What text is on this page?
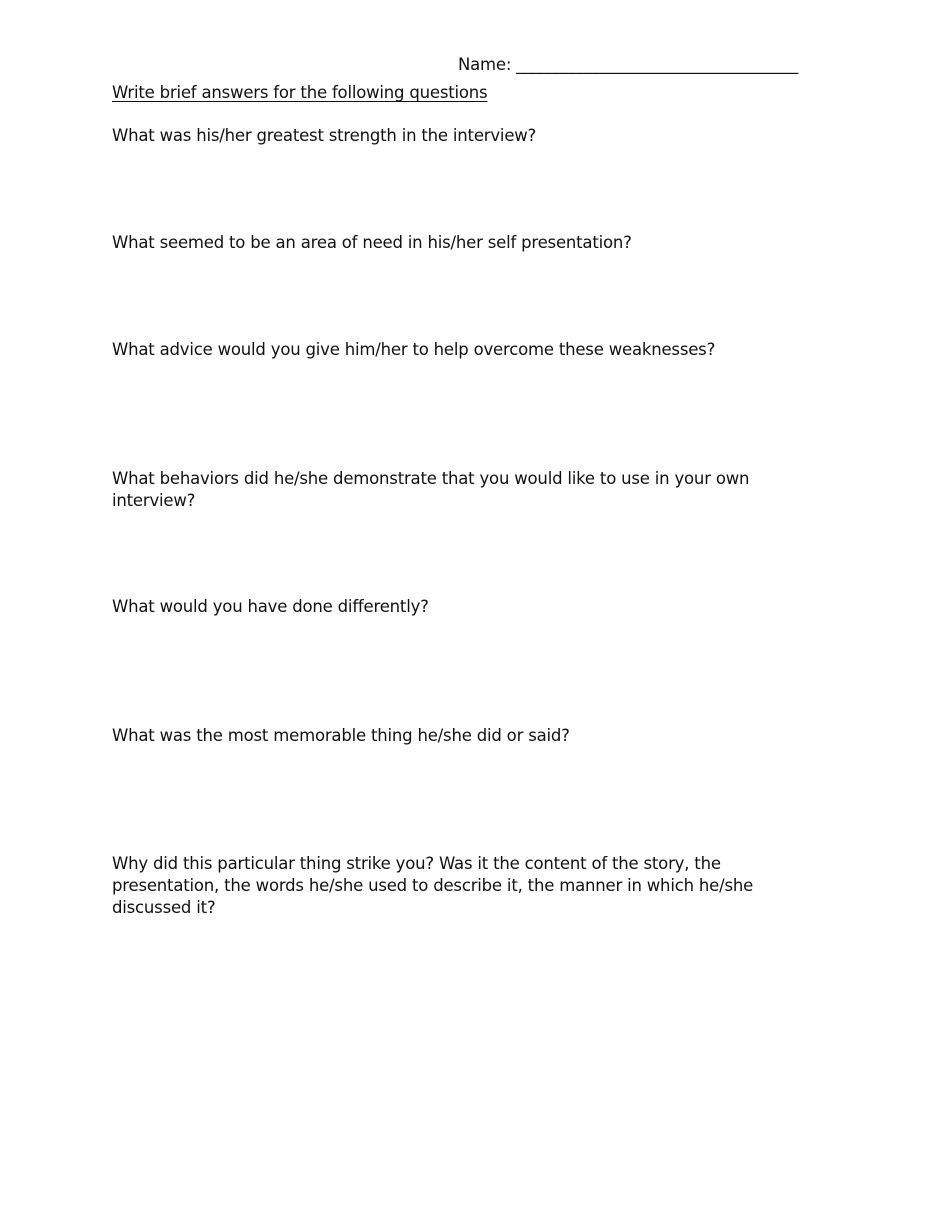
Name: ___________________________________
Write brief answers for the following questions
What was his/her greatest strength in the interview?
What seemed to be an area of need in his/her self presentation?
What advice would you give him/her to help overcome these weaknesses?
What behaviors did he/she demonstrate that you would like to use in your own interview?
What would you have done differently?
What was the most memorable thing he/she did or said?
Why did this particular thing strike you? Was it the content of the story, the presentation, the words he/she used to describe it, the manner in which he/she discussed it?
